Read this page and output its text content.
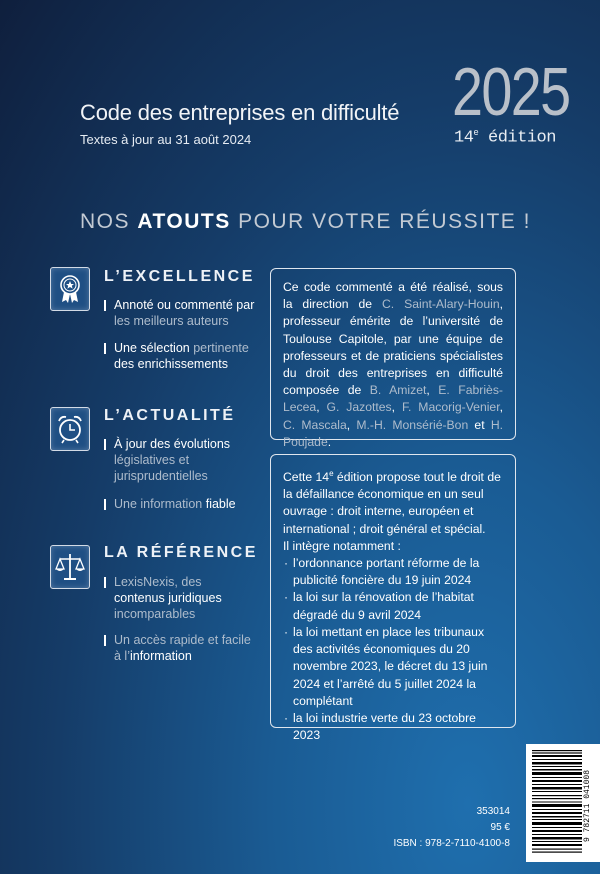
Code des entreprises en difficulté
Textes à jour au 31 août 2024
2025
14e édition
NOS ATOUTS POUR VOTRE RÉUSSITE !
L’EXCELLENCE
Annoté ou commenté par
les meilleurs auteurs
Une sélection pertinente
des enrichissements
L’ACTUALITÉ
À jour des évolutions
législatives et jurisprudentielles
Une information fiable
LA RÉFÉRENCE
LexisNexis, des
contenus juridiques
incomparables
Un accès rapide et facile
à l’information
Ce code commenté a été réalisé, sous la direction de C. Saint-Alary-Houin, professeur émérite de l’université de Toulouse Capitole, par une équipe de professeurs et de praticiens spécialistes du droit des entreprises en difficulté composée de B. Amizet, E. Fabriès-Lecea, G. Jazottes, F. Macorig-Venier, C. Mascala, M.-H. Monsérié-Bon et H. Poujade.
Cette 14e édition propose tout le droit de la défaillance économique en un seul ouvrage : droit interne, européen et international ; droit général et spécial.
Il intègre notamment :
· l’ordonnance portant réforme de la publicité foncière du 19 juin 2024
· la loi sur la rénovation de l’habitat dégradé du 9 avril 2024
· la loi mettant en place les tribunaux des activités économiques du 20 novembre 2023, le décret du 13 juin 2024 et l’arrêté du 5 juillet 2024 la complétant
· la loi industrie verte du 23 octobre 2023
353014
95 €
ISBN : 978-2-7110-4100-8
9 782711 041008
